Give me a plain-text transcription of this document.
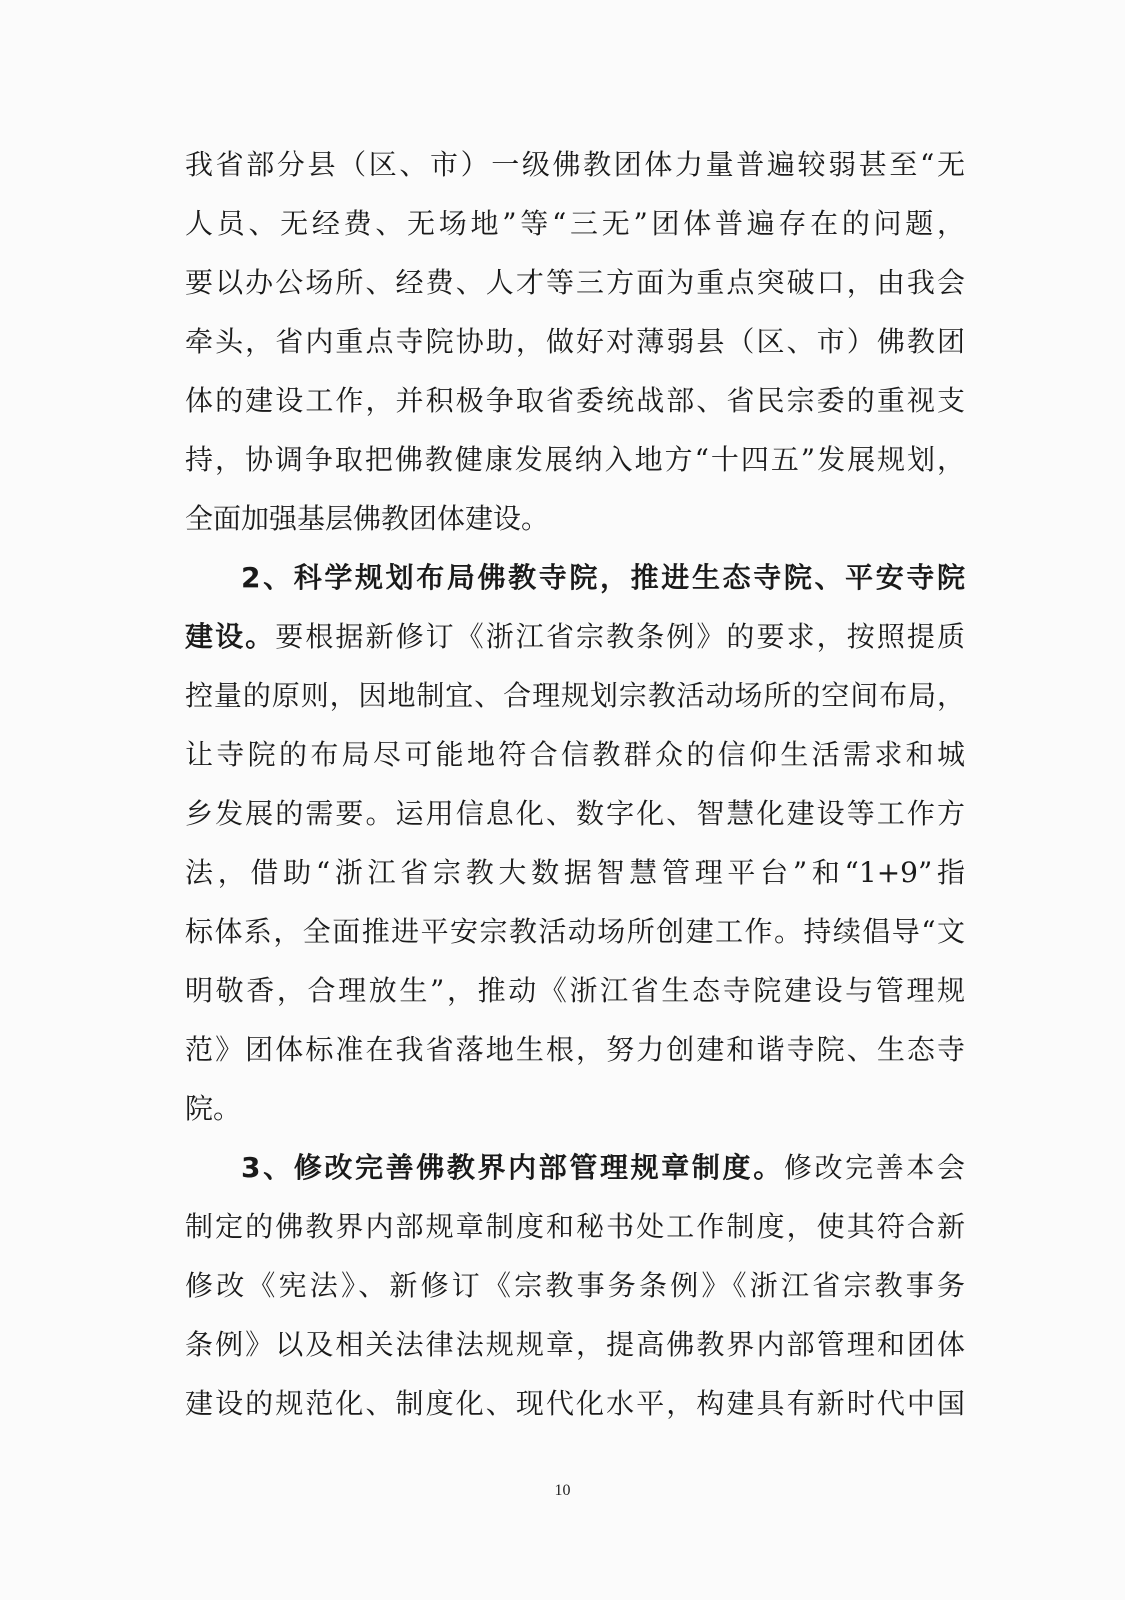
我省部分县（区、市）一级佛教团体力量普遍较弱甚至“无
人员、无经费、无场地”等“三无”团体普遍存在的问题，
要以办公场所、经费、人才等三方面为重点突破口，由我会
牵头，省内重点寺院协助，做好对薄弱县（区、市）佛教团
体的建设工作，并积极争取省委统战部、省民宗委的重视支
持，协调争取把佛教健康发展纳入地方“十四五”发展规划，
全面加强基层佛教团体建设。
2、科学规划布局佛教寺院，推进生态寺院、平安寺院
建设。要根据新修订《浙江省宗教条例》的要求，按照提质
控量的原则，因地制宜、合理规划宗教活动场所的空间布局，
让寺院的布局尽可能地符合信教群众的信仰生活需求和城
乡发展的需要。运用信息化、数字化、智慧化建设等工作方
法，借助“浙江省宗教大数据智慧管理平台”和“1+9”指
标体系，全面推进平安宗教活动场所创建工作。持续倡导“文
明敬香，合理放生”，推动《浙江省生态寺院建设与管理规
范》团体标准在我省落地生根，努力创建和谐寺院、生态寺
院。
3、修改完善佛教界内部管理规章制度。修改完善本会
制定的佛教界内部规章制度和秘书处工作制度，使其符合新
修改《宪法》、新修订《宗教事务条例》《浙江省宗教事务
条例》以及相关法律法规规章，提高佛教界内部管理和团体
建设的规范化、制度化、现代化水平，构建具有新时代中国
10
